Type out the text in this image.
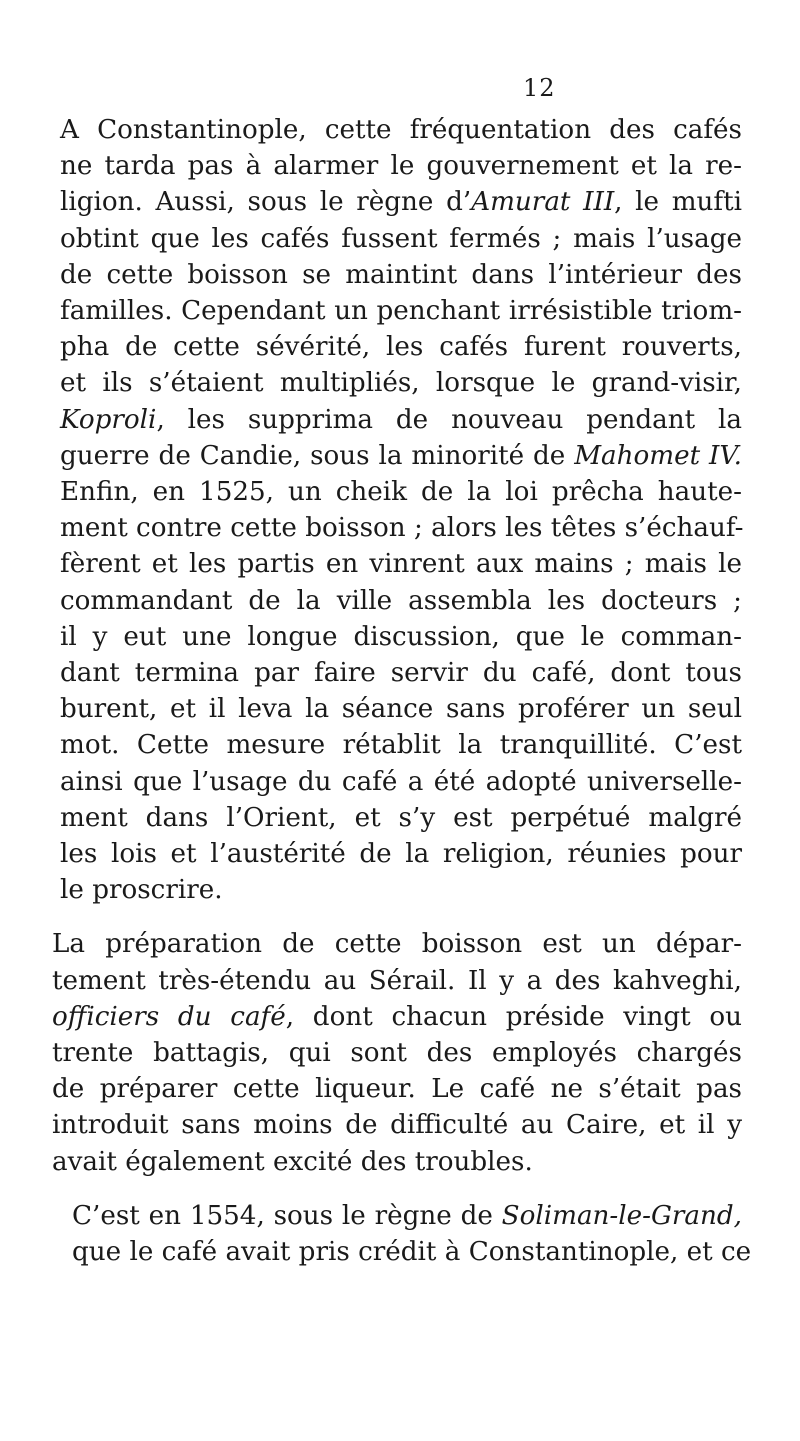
12
A Constantinople, cette fréquentation des cafés
ne tarda pas à alarmer le gouvernement et la re-
ligion. Aussi, sous le règne d’Amurat III, le mufti
obtint que les cafés fussent fermés ; mais l’usage
de cette boisson se maintint dans l’intérieur des
familles. Cependant un penchant irrésistible triom-
pha de cette sévérité, les cafés furent rouverts,
et ils s’étaient multipliés, lorsque le grand-visir,
Koproli, les supprima de nouveau pendant la
guerre de Candie, sous la minorité de Mahomet IV.
Enfin, en 1525, un cheik de la loi prêcha haute-
ment contre cette boisson ; alors les têtes s’échauf-
fèrent et les partis en vinrent aux mains ; mais le
commandant de la ville assembla les docteurs ;
il y eut une longue discussion, que le comman-
dant termina par faire servir du café, dont tous
burent, et il leva la séance sans proférer un seul
mot. Cette mesure rétablit la tranquillité. C’est
ainsi que l’usage du café a été adopté universelle-
ment dans l’Orient, et s’y est perpétué malgré
les lois et l’austérité de la religion, réunies pour
le proscrire.
La préparation de cette boisson est un dépar-
tement très-étendu au Sérail. Il y a des kahveghi,
officiers du café, dont chacun préside vingt ou
trente battagis, qui sont des employés chargés
de préparer cette liqueur. Le café ne s’était pas
introduit sans moins de difficulté au Caire, et il y
avait également excité des troubles.
C’est en 1554, sous le règne de Soliman-le-Grand,
que le café avait pris crédit à Constantinople, et ce
